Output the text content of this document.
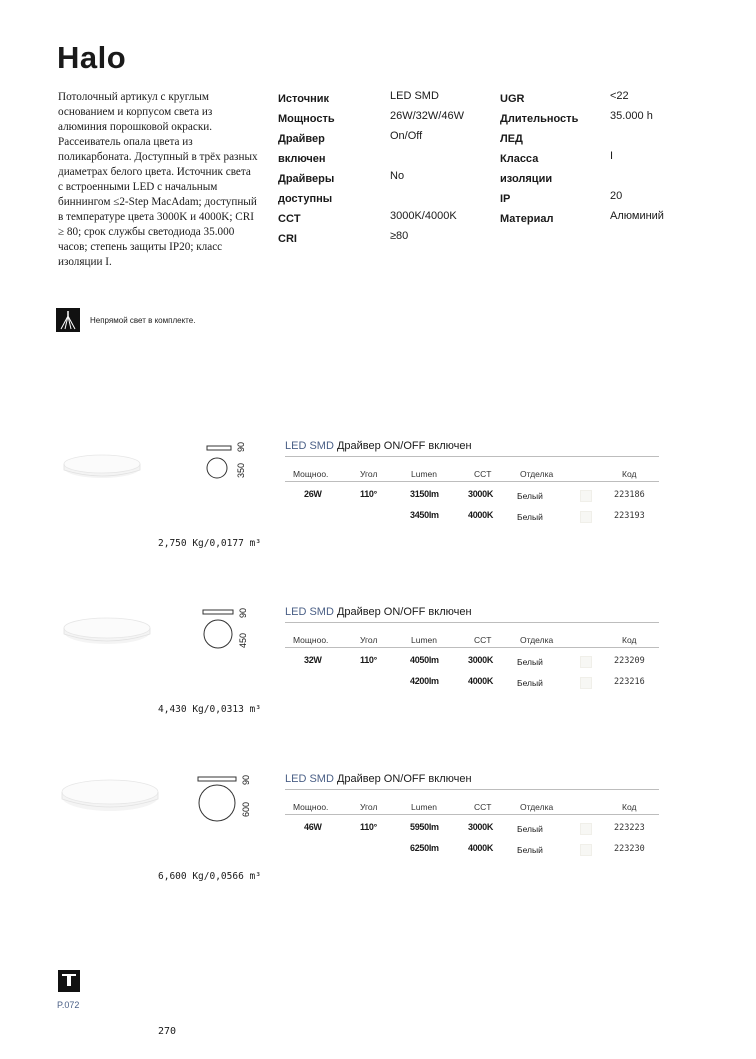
Halo
Потолочный артикул с круглым основанием и корпусом света из алюминия порошковой окраски. Рассеиватель опала цвета из поликарбоната. Доступный в трёх разных диаметрах белого цвета. Источник света с встроенными LED с начальным биннингом ≤2-Step MacAdam; доступный в температуре цвета 3000K и 4000K; CRI ≥ 80; срок службы светодиода 35.000 часов; степень защиты IP20; класс изоляции I.
Источник	LED SMD
Мощность	26W/32W/46W
Драйвер	On/Off
включен
Драйверы	No
доступны
CCT	3000K/4000K
CRI	≥80
UGR	<22
Длительность	35.000 h
ЛЕД
Класса	I
изоляции
IP	20
Материал	Алюминий
Непрямой свет в комплекте.
90
350
LED SMD Драйвер ON/OFF включен
Мощноо.	Угол	Lumen	CCT	Отделка	Код
26W	110°	3150lm	3000K	Белый	223186
3450lm	4000K	Белый	223193
2,750 Kg/0,0177 m³
90
450
LED SMD Драйвер ON/OFF включен
Мощноо.	Угол	Lumen	CCT	Отделка	Код
32W	110°	4050lm	3000K	Белый	223209
4200lm	4000K	Белый	223216
4,430 Kg/0,0313 m³
90
600
LED SMD Драйвер ON/OFF включен
Мощноо.	Угол	Lumen	CCT	Отделка	Код
46W	110°	5950lm	3000K	Белый	223223
6250lm	4000K	Белый	223230
6,600 Kg/0,0566 m³
P.072
270
